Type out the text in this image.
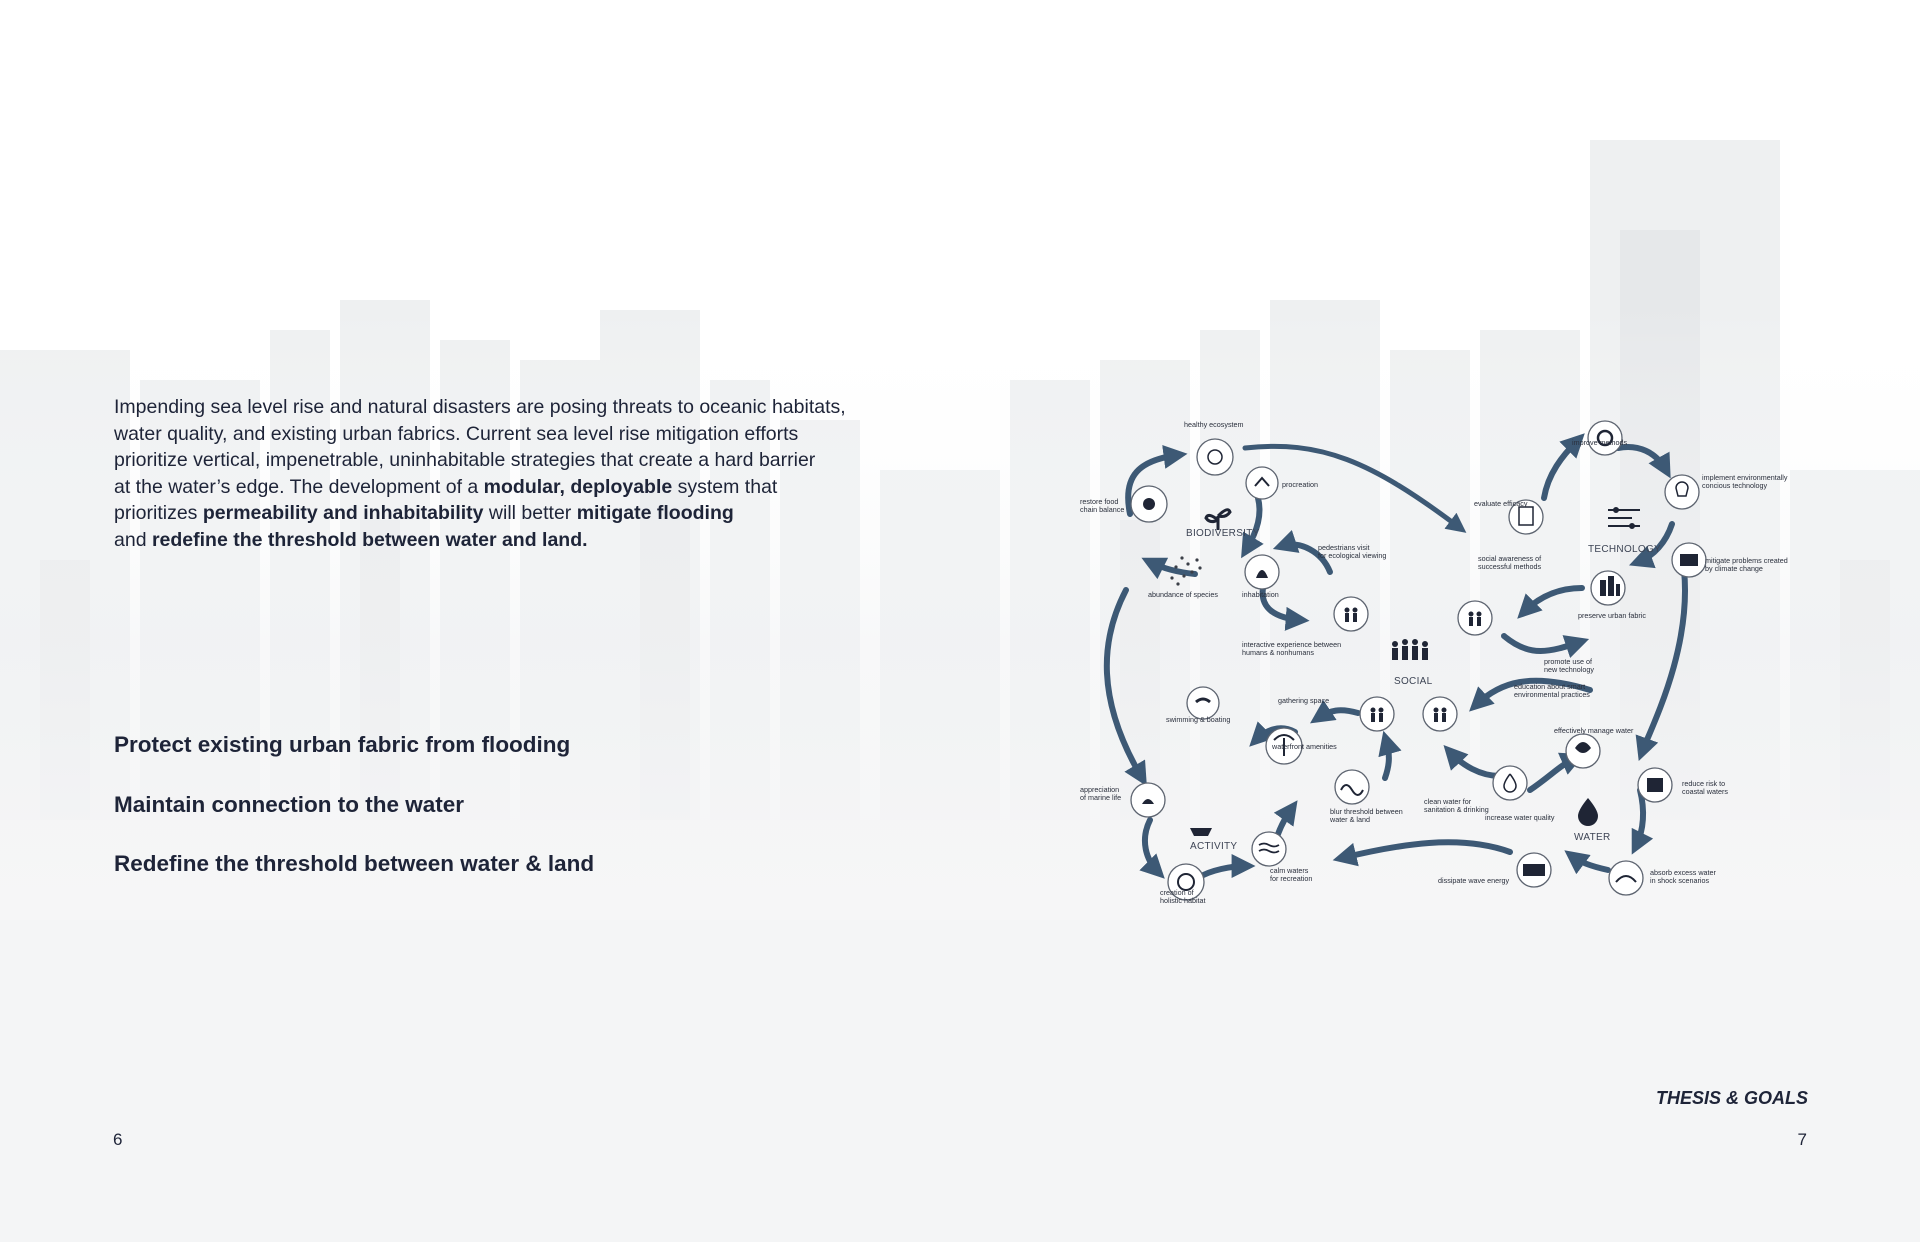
Impending sea level rise and natural disasters are posing threats to oceanic habitats,
water quality, and existing urban fabrics. Current sea level rise mitigation efforts
prioritize vertical, impenetrable, uninhabitable strategies that create a hard barrier
at the water’s edge. The development of a modular, deployable system that
prioritizes permeability and inhabitability will better mitigate flooding
and redefine the threshold between water and land.

Protect existing urban fabric from flooding

Maintain connection to the water

Redefine the threshold between water & land

6	7
THESIS & GOALS
BIODIVERSITY
TECHNOLOGY
SOCIAL
ACTIVITY
WATER
healthy ecosystem
procreation
restore food
chain balance
abundance of species	inhabitation
pedestrians visit
for ecological viewing
interactive experience between
humans & nonhumans
evaluate efficacy
improve methods
implement environmentally
concious technology
social awareness of
successful methods
mitigate problems created
by climate change
preserve urban fabric
promote use of
new technology
education about smart
environmental practices
gathering space
swimming & boating
waterfront amenities
effectively manage water
appreciation
of marine life
blur threshold between
water & land
clean water for
sanitation & drinking
increase water quality
reduce risk to
coastal waters
creation of
holistic habitat
calm waters
for recreation	dissipate wave energy
absorb excess water
in shock scenarios
